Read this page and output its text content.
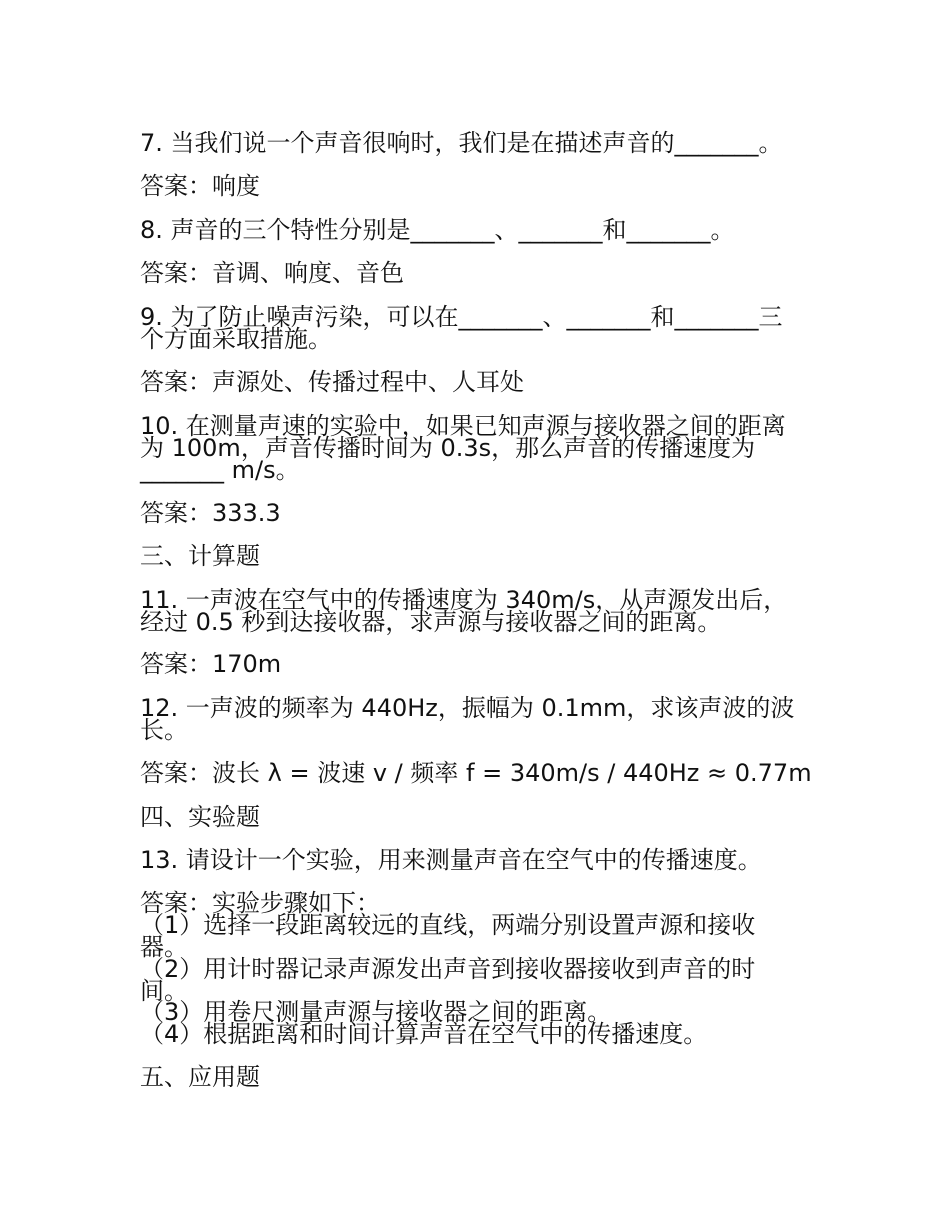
7. 当我们说一个声音很响时，我们是在描述声音的_______。
答案：响度
8. 声音的三个特性分别是_______、_______和_______。
答案：音调、响度、音色
9. 为了防止噪声污染，可以在_______、_______和_______三
个方面采取措施。
答案：声源处、传播过程中、人耳处
10. 在测量声速的实验中，如果已知声源与接收器之间的距离
为 100m，声音传播时间为 0.3s，那么声音的传播速度为
_______ m/s。
答案：333.3
三、计算题
11. 一声波在空气中的传播速度为 340m/s，从声源发出后，
经过 0.5 秒到达接收器，求声源与接收器之间的距离。
答案：170m
12. 一声波的频率为 440Hz，振幅为 0.1mm，求该声波的波
长。
答案：波长 λ = 波速 v / 频率 f = 340m/s / 440Hz ≈ 0.77m
四、实验题
13. 请设计一个实验，用来测量声音在空气中的传播速度。
答案：实验步骤如下：
（1）选择一段距离较远的直线，两端分别设置声源和接收
器。
（2）用计时器记录声源发出声音到接收器接收到声音的时
间。
（3）用卷尺测量声源与接收器之间的距离。
（4）根据距离和时间计算声音在空气中的传播速度。
五、应用题
